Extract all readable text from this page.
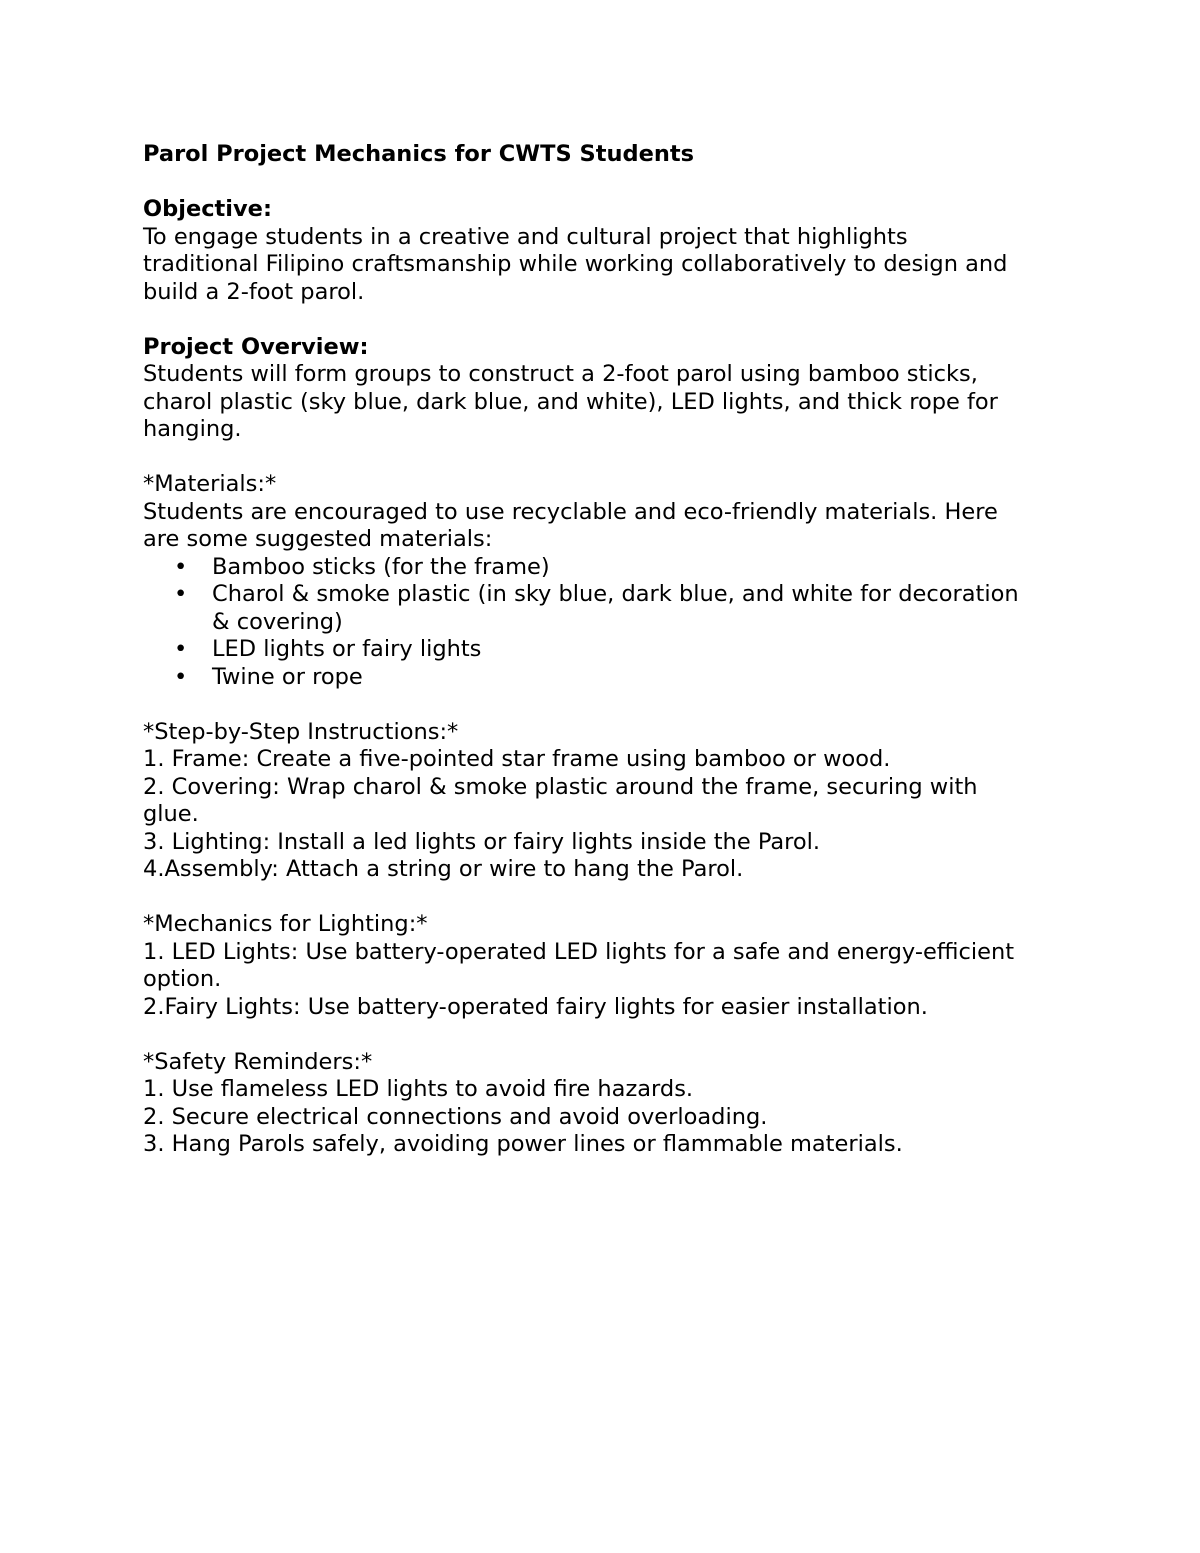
Parol Project Mechanics for CWTS Students
Objective:
To engage students in a creative and cultural project that highlights
traditional Filipino craftsmanship while working collaboratively to design and
build a 2-foot parol.
Project Overview:
Students will form groups to construct a 2-foot parol using bamboo sticks,
charol plastic (sky blue, dark blue, and white), LED lights, and thick rope for
hanging.
*Materials:*
Students are encouraged to use recyclable and eco-friendly materials. Here
are some suggested materials:
• Bamboo sticks (for the frame)
• Charol & smoke plastic (in sky blue, dark blue, and white for decoration
& covering)
• LED lights or fairy lights
• Twine or rope
*Step-by-Step Instructions:*
1. Frame: Create a five-pointed star frame using bamboo or wood.
2. Covering: Wrap charol & smoke plastic around the frame, securing with
glue.
3. Lighting: Install a led lights or fairy lights inside the Parol.
4.Assembly: Attach a string or wire to hang the Parol.
*Mechanics for Lighting:*
1. LED Lights: Use battery-operated LED lights for a safe and energy-efficient
option.
2.Fairy Lights: Use battery-operated fairy lights for easier installation.
*Safety Reminders:*
1. Use flameless LED lights to avoid fire hazards.
2. Secure electrical connections and avoid overloading.
3. Hang Parols safely, avoiding power lines or flammable materials.
